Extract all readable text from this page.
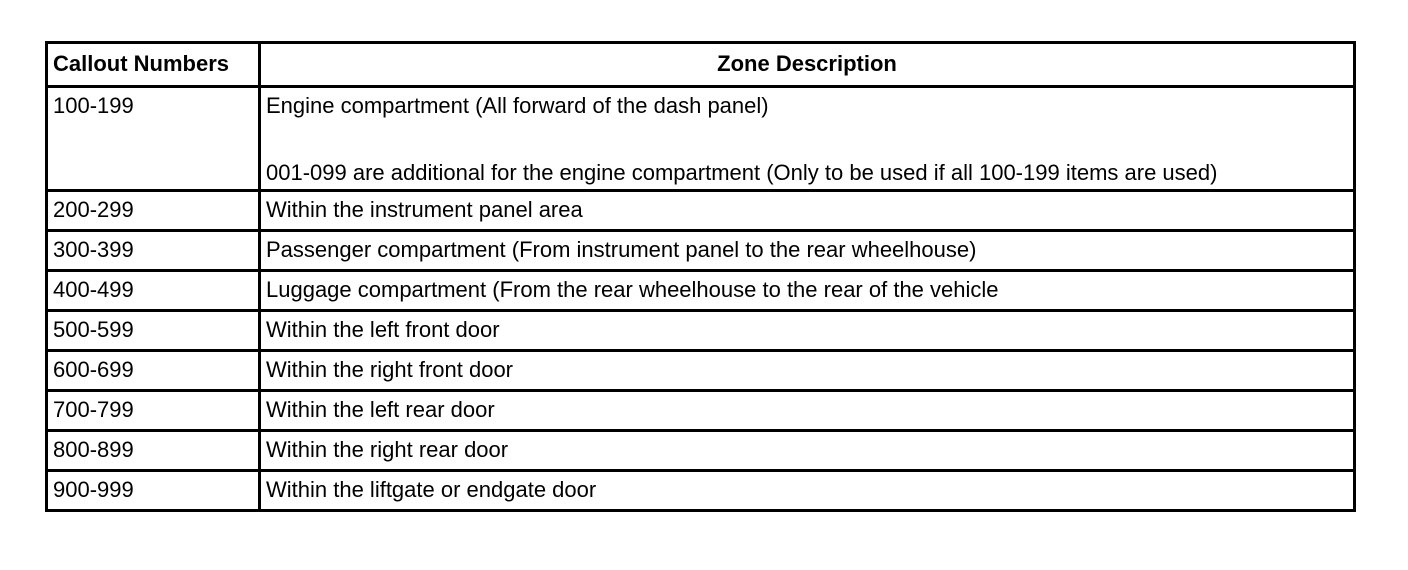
Callout Numbers	Zone Description
100-199	Engine compartment (All forward of the dash panel)
001-099 are additional for the engine compartment (Only to be used if all 100-199 items are used)

200-299	Within the instrument panel area
300-399	Passenger compartment (From instrument panel to the rear wheelhouse)
400-499	Luggage compartment (From the rear wheelhouse to the rear of the vehicle
500-599	Within the left front door
600-699	Within the right front door
700-799	Within the left rear door
800-899	Within the right rear door
900-999	Within the liftgate or endgate door
